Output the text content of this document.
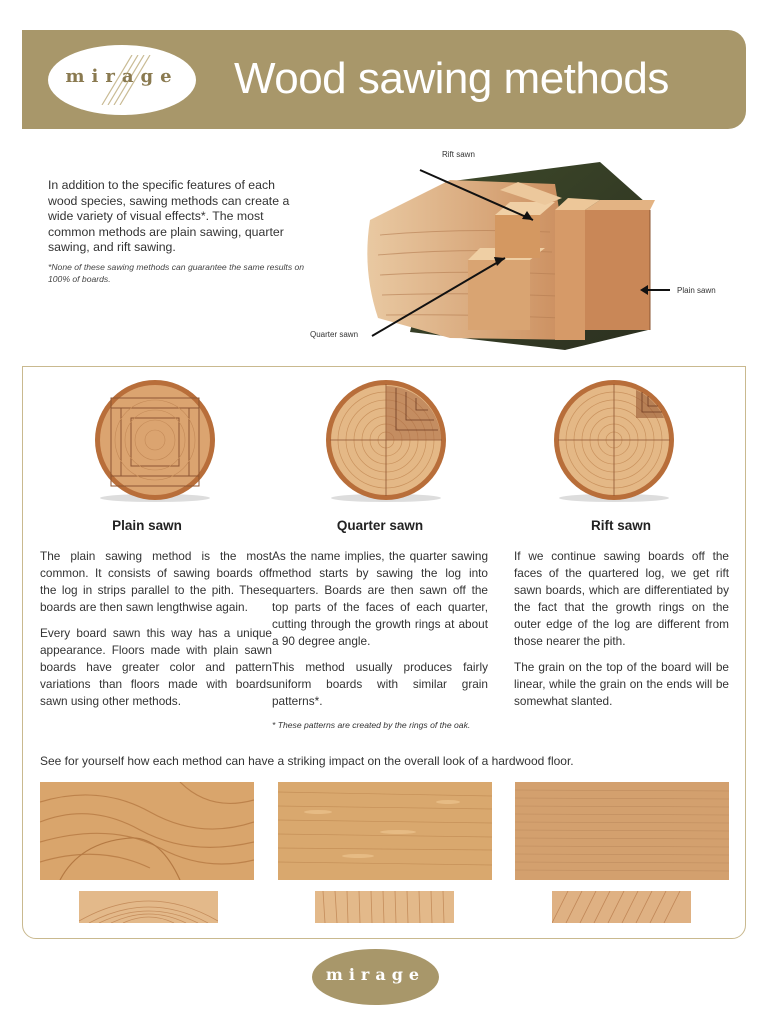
mirage	Wood sawing methods
In addition to the specific features of each wood species, sawing methods can create a wide variety of visual effects*. The most common methods are plain sawing, quarter sawing, and rift sawing.
*None of these sawing methods can guarantee the same results on 100% of boards.
Rift sawn
Plain sawn
Quarter sawn
Plain sawn	Quarter sawn	Rift sawn

The plain sawing method is the most common. It consists of sawing boards off the log in strips parallel to the pith. These boards are then sawn lengthwise again.

Every board sawn this way has a unique appearance. Floors made with plain sawn boards have greater color and pattern variations than floors made with boards sawn using other methods.

As the name implies, the quarter sawing method starts by sawing the log into quarters. Boards are then sawn off the top parts of the faces of each quarter, cutting through the growth rings at about a 90 degree angle.

This method usually produces fairly uniform boards with similar grain patterns*.

* These patterns are created by the rings of the oak.

If we continue sawing boards off the faces of the quartered log, we get rift sawn boards, which are differentiated by the fact that the growth rings on the outer edge of the log are different from those nearer the pith.

The grain on the top of the board will be linear, while the grain on the ends will be somewhat slanted.

See for yourself how each method can have a striking impact on the overall look of a hardwood floor.
mirage
